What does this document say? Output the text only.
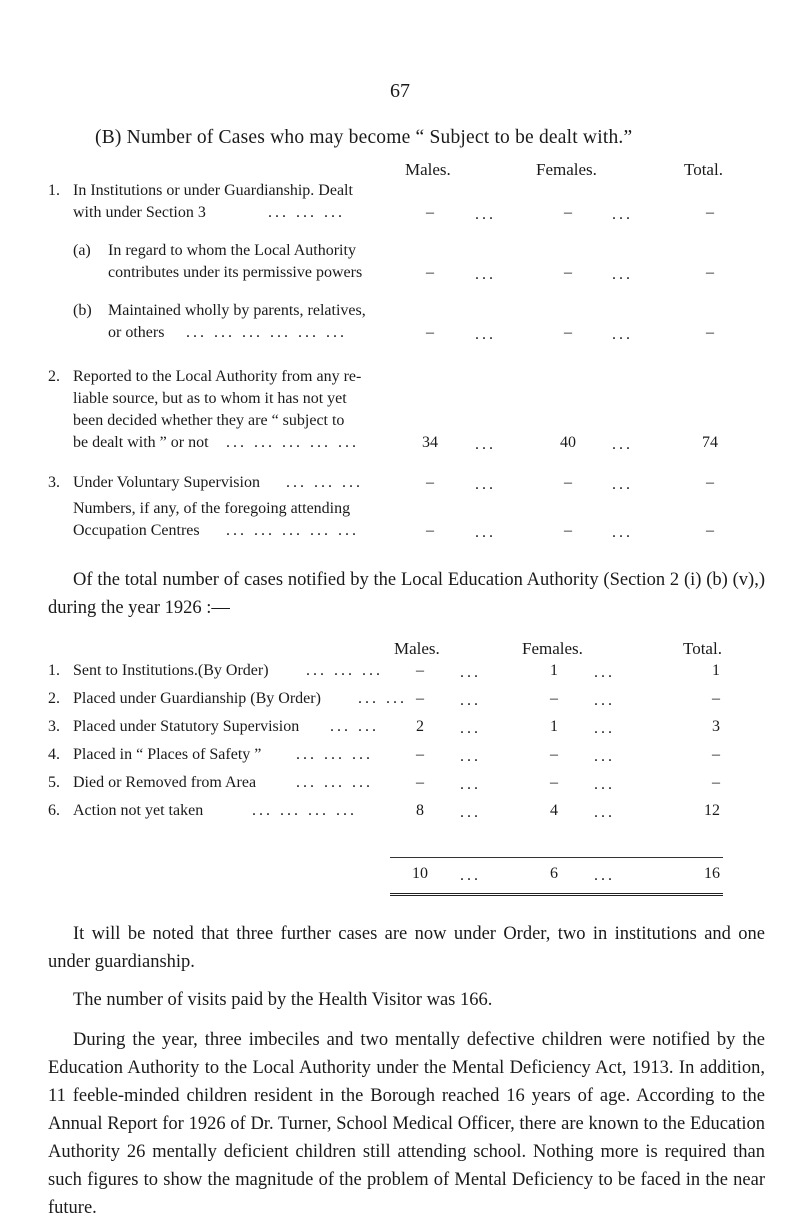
67
(B) Number of Cases who may become “ Subject to be dealt with.”
Males.	Females.	Total.
1. In Institutions or under Guardianship. Dealt
with under Section 3	... ... ...	–	...	–	...	–
(a) In regard to whom the Local Authority
contributes under its permissive powers	–	...	–	...	–
(b) Maintained wholly by parents, relatives,
or others ... ... ... ... ... ...	–	...	–	...	–
2. Reported to the Local Authority from any re-
liable source, but as to whom it has not yet
been decided whether they are “ subject to
be dealt with ” or not ... ... ... ... ...	34	...	40	...	74
3. Under Voluntary Supervision ... ... ...	–	...	–	...	–
Numbers, if any, of the foregoing attending
Occupation Centres ... ... ... ... ...	–	...	–	...	–
Of the total number of cases notified by the Local Education Authority (Section 2 (i) (b) (v),) during the year 1926 :—
Males.	Females.	Total.
1. Sent to Institutions.(By Order) ... ... ...	–	...	1	...	1
2. Placed under Guardianship (By Order) ... ... –	...	–	...	–
3. Placed under Statutory Supervision ... ...	2	...	1	...	3
4. Placed in “ Places of Safety ” ... ... ...	–	...	–	...	–
5. Died or Removed from Area ... ... ...	–	...	–	...	–
6. Action not yet taken	... ... ... ...	8	...	4	...	12
10	...	6	...	16
It will be noted that three further cases are now under Order, two in institutions and one under guardianship.
The number of visits paid by the Health Visitor was 166.
During the year, three imbeciles and two mentally defective children were notified by the Education Authority to the Local Authority under the Mental Deficiency Act, 1913. In addition, 11 feeble-minded children resident in the Borough reached 16 years of age. According to the Annual Report for 1926 of Dr. Turner, School Medical Officer, there are known to the Education Authority 26 mentally deficient children still attending school. Nothing more is required than such figures to show the magnitude of the problem of Mental Deficiency to be faced in the near future.
